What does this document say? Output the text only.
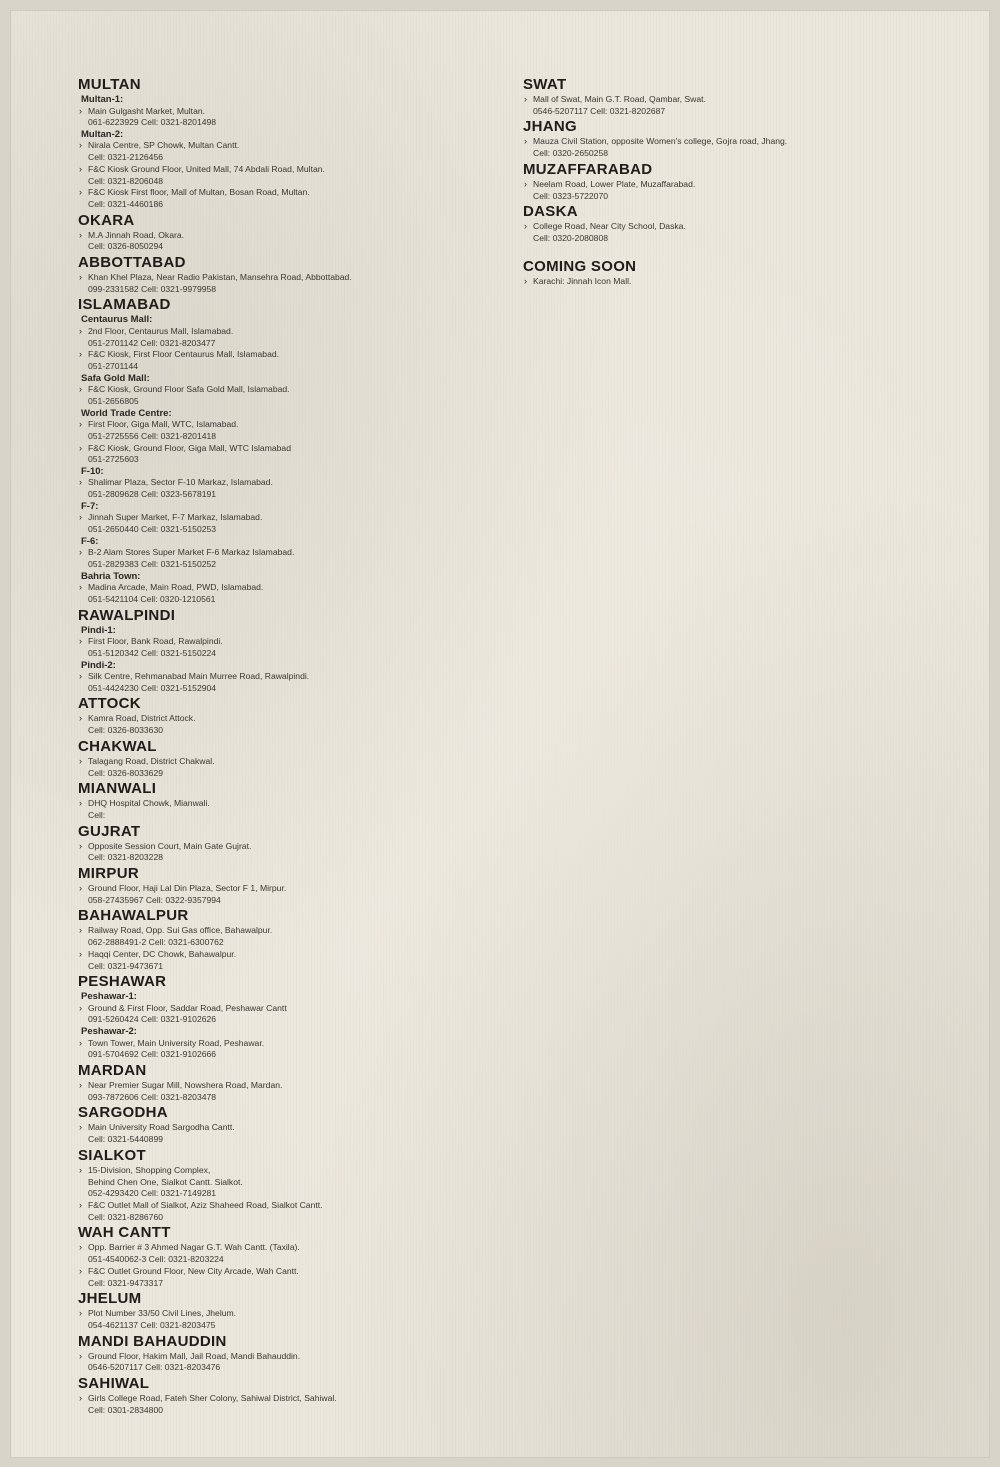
MULTAN
Multan-1:
› Main Gulgasht Market, Multan.
061-6223929 Cell: 0321-8201498
Multan-2:
› Nirala Centre, SP Chowk, Multan Cantt.
Cell: 0321-2126456
› F&C Kiosk Ground Floor, United Mall, 74 Abdali Road, Multan.
Cell: 0321-8206048
› F&C Kiosk First floor, Mall of Multan, Bosan Road, Multan.
Cell: 0321-4460186
OKARA
› M.A Jinnah Road, Okara.
Cell: 0326-8050294
ABBOTTABAD
› Khan Khel Plaza, Near Radio Pakistan, Mansehra Road, Abbottabad.
099-2331582 Cell: 0321-9979958
ISLAMABAD
Centaurus Mall:
› 2nd Floor, Centaurus Mall, Islamabad.
051-2701142 Cell: 0321-8203477
› F&C Kiosk, First Floor Centaurus Mall, Islamabad.
051-2701144
Safa Gold Mall:
› F&C Kiosk, Ground Floor Safa Gold Mall, Islamabad.
051-2656805
World Trade Centre:
› First Floor, Giga Mall, WTC, Islamabad.
051-2725556 Cell: 0321-8201418
› F&C Kiosk, Ground Floor, Giga Mall, WTC Islamabad
051-2725603
F-10:
› Shalimar Plaza, Sector F-10 Markaz, Islamabad.
051-2809628 Cell: 0323-5678191
F-7:
› Jinnah Super Market, F-7 Markaz, Islamabad.
051-2650440 Cell: 0321-5150253
F-6:
› B-2 Alam Stores Super Market F-6 Markaz Islamabad.
051-2829383 Cell: 0321-5150252
Bahria Town:
› Madina Arcade, Main Road, PWD, Islamabad.
051-5421104 Cell: 0320-1210561
RAWALPINDI
Pindi-1:
› First Floor, Bank Road, Rawalpindi.
051-5120342 Cell: 0321-5150224
Pindi-2:
› Silk Centre, Rehmanabad Main Murree Road, Rawalpindi.
051-4424230 Cell: 0321-5152904
ATTOCK
› Kamra Road, District Attock.
Cell: 0326-8033630
CHAKWAL
› Talagang Road, District Chakwal.
Cell: 0326-8033629
MIANWALI
› DHQ Hospital Chowk, Mianwali.
Cell:
GUJRAT
› Opposite Session Court, Main Gate Gujrat.
Cell: 0321-8203228
MIRPUR
› Ground Floor, Haji Lal Din Plaza, Sector F 1, Mirpur.
058-27435967 Cell: 0322-9357994
BAHAWALPUR
› Railway Road, Opp. Sui Gas office, Bahawalpur.
062-2888491-2 Cell: 0321-6300762
› Haqqi Center, DC Chowk, Bahawalpur.
Cell: 0321-9473671
PESHAWAR
Peshawar-1:
› Ground & First Floor, Saddar Road, Peshawar Cantt
091-5260424 Cell: 0321-9102626
Peshawar-2:
› Town Tower, Main University Road, Peshawar.
091-5704692 Cell: 0321-9102666
MARDAN
› Near Premier Sugar Mill, Nowshera Road, Mardan.
093-7872606 Cell: 0321-8203478
SARGODHA
› Main University Road Sargodha Cantt.
Cell: 0321-5440899
SIALKOT
› 15-Division, Shopping Complex,
Behind Chen One, Sialkot Cantt. Sialkot.
052-4293420 Cell: 0321-7149281
› F&C Outlet Mall of Sialkot, Aziz Shaheed Road, Sialkot Cantt.
Cell: 0321-8286760
WAH CANTT
› Opp. Barrier # 3 Ahmed Nagar G.T. Wah Cantt. (Taxila).
051-4540062-3 Cell: 0321-8203224
› F&C Outlet Ground Floor, New City Arcade, Wah Cantt.
Cell: 0321-9473317
JHELUM
› Plot Number 33/50 Civil Lines, Jhelum.
054-4621137 Cell: 0321-8203475
MANDI BAHAUDDIN
› Ground Floor, Hakim Mall, Jail Road, Mandi Bahauddin.
0546-5207117 Cell: 0321-8203476
SAHIWAL
› Girls College Road, Fateh Sher Colony, Sahiwal District, Sahiwal.
Cell: 0301-2834800
SWAT
› Mall of Swat, Main G.T. Road, Qambar, Swat.
0546-5207117 Cell: 0321-8202687
JHANG
› Mauza Civil Station, opposite Women's college, Gojra road, Jhang.
Cell: 0320-2650258
MUZAFFARABAD
› Neelam Road, Lower Plate, Muzaffarabad.
Cell: 0323-5722070
DASKA
› College Road, Near City School, Daska.
Cell: 0320-2080808
COMING SOON
› Karachi: Jinnah Icon Mall.
